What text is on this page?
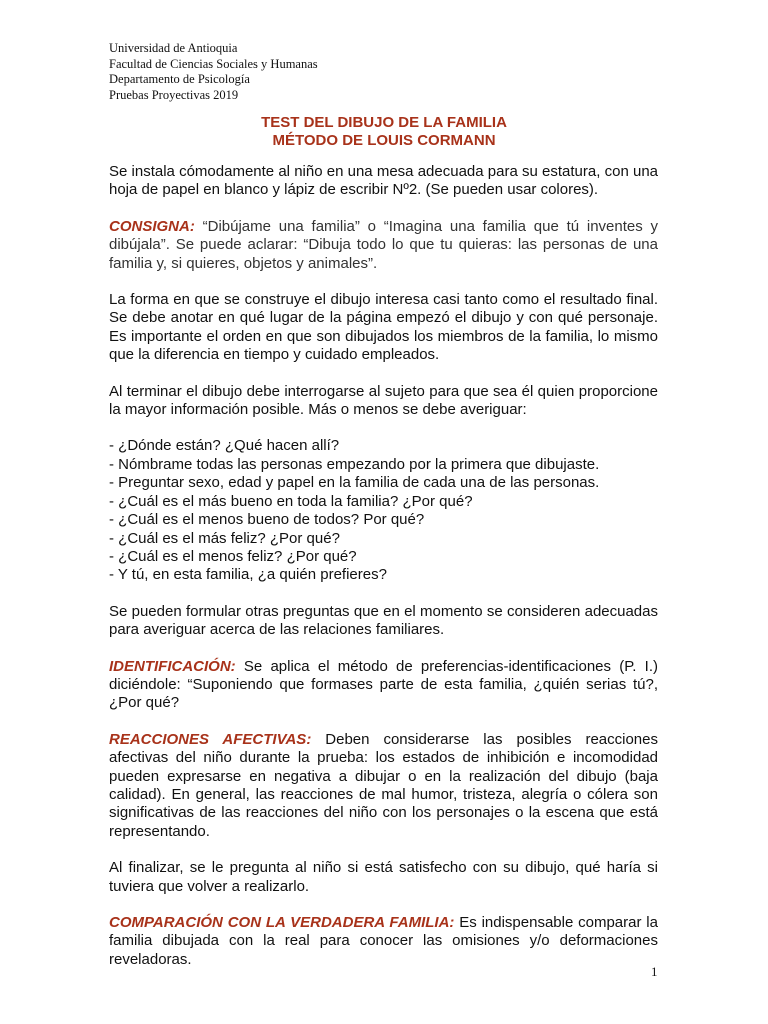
Universidad de Antioquia
Facultad de Ciencias Sociales y Humanas
Departamento de Psicología
Pruebas Proyectivas 2019
TEST DEL DIBUJO DE LA FAMILIA
MÉTODO DE LOUIS CORMANN

Se instala cómodamente al niño en una mesa adecuada para su estatura, con una hoja de papel en blanco y lápiz de escribir Nº2. (Se pueden usar colores).

CONSIGNA: “Dibújame una familia” o “Imagina una familia que tú inventes y dibújala”. Se puede aclarar: “Dibuja todo lo que tu quieras: las personas de una familia y, si quieres, objetos y animales”.

La forma en que se construye el dibujo interesa casi tanto como el resultado final. Se debe anotar en qué lugar de la página empezó el dibujo y con qué personaje. Es importante el orden en que son dibujados los miembros de la familia, lo mismo que la diferencia en tiempo y cuidado empleados.

Al terminar el dibujo debe interrogarse al sujeto para que sea él quien proporcione la mayor información posible. Más o menos se debe averiguar:

- ¿Dónde están? ¿Qué hacen allí?
- Nómbrame todas las personas empezando por la primera que dibujaste.
- Preguntar sexo, edad y papel en la familia de cada una de las personas.
- ¿Cuál es el más bueno en toda la familia? ¿Por qué?
- ¿Cuál es el menos bueno de todos? Por qué?
- ¿Cuál es el más feliz? ¿Por qué?
- ¿Cuál es el menos feliz? ¿Por qué?
- Y tú, en esta familia, ¿a quién prefieres?

Se pueden formular otras preguntas que en el momento se consideren adecuadas para averiguar acerca de las relaciones familiares.

IDENTIFICACIÓN: Se aplica el método de preferencias-identificaciones (P. I.) diciéndole: “Suponiendo que formases parte de esta familia, ¿quién serias tú?, ¿Por qué?

REACCIONES AFECTIVAS: Deben considerarse las posibles reacciones afectivas del niño durante la prueba: los estados de inhibición e incomodidad pueden expresarse en negativa a dibujar o en la realización del dibujo (baja calidad). En general, las reacciones de mal humor, tristeza, alegría o cólera son significativas de las reacciones del niño con los personajes o la escena que está representando.

Al finalizar, se le pregunta al niño si está satisfecho con su dibujo, qué haría si tuviera que volver a realizarlo.

COMPARACIÓN CON LA VERDADERA FAMILIA: Es indispensable comparar la familia dibujada con la real para conocer las omisiones y/o deformaciones reveladoras.

1
